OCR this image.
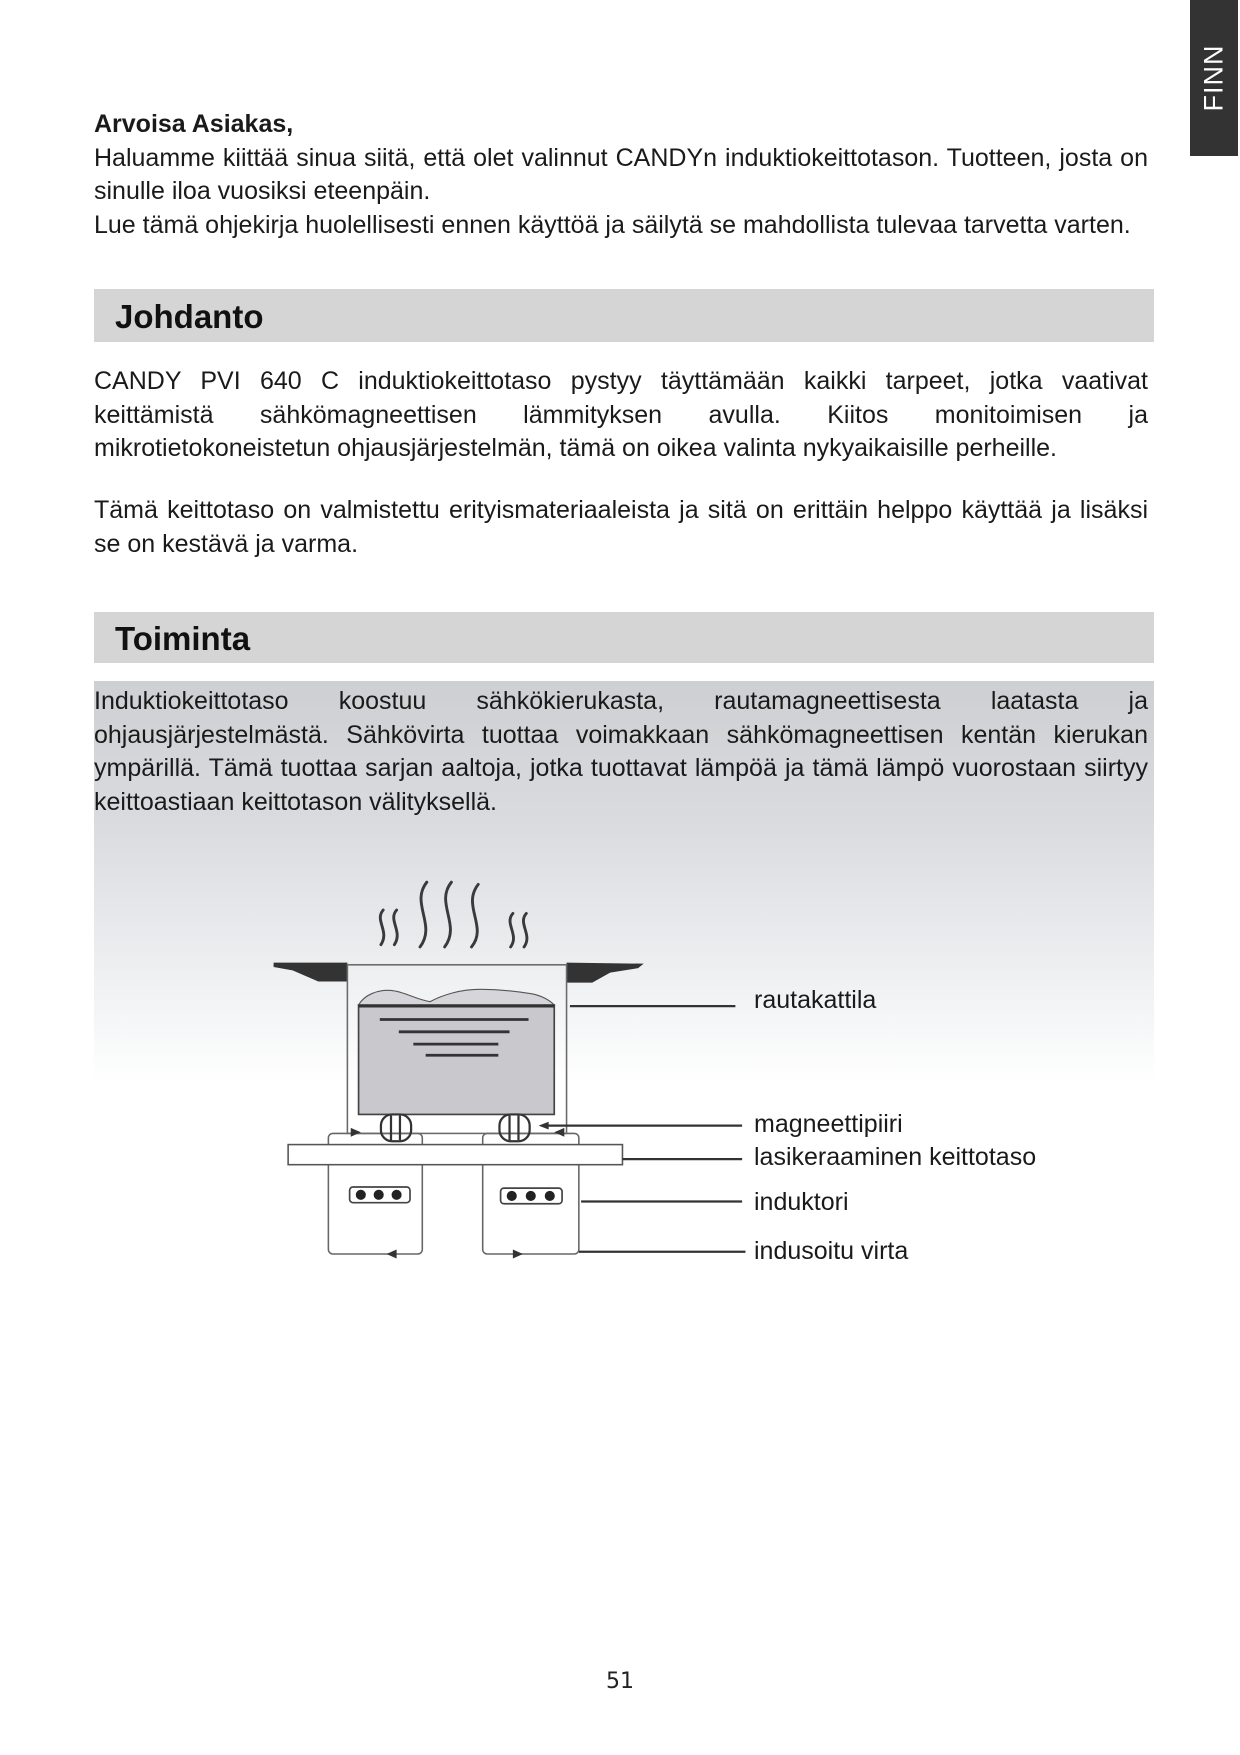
FINN
Arvoisa Asiakas,
Haluamme kiittää sinua siitä, että olet valinnut CANDYn induktiokeittotason. Tuotteen, josta on
sinulle iloa vuosiksi eteenpäin.
Lue tämä ohjekirja huolellisesti ennen käyttöä ja säilytä se mahdollista tulevaa tarvetta varten.
Johdanto
CANDY PVI 640 C induktiokeittotaso pystyy täyttämään kaikki tarpeet, jotka vaativat
keittämistä sähkömagneettisen lämmityksen avulla. Kiitos monitoimisen ja
mikrotietokoneistetun ohjausjärjestelmän, tämä on oikea valinta nykyaikaisille perheille.
Tämä keittotaso on valmistettu erityismateriaaleista ja sitä on erittäin helppo käyttää ja lisäksi
se on kestävä ja varma.
Toiminta
Induktiokeittotaso koostuu sähkökierukasta, rautamagneettisesta laatasta ja
ohjausjärjestelmästä. Sähkövirta tuottaa voimakkaan sähkömagneettisen kentän kierukan
ympärillä. Tämä tuottaa sarjan aaltoja, jotka tuottavat lämpöä ja tämä lämpö vuorostaan siirtyy
keittoastiaan keittotason välityksellä.
rautakattila
magneettipiiri
lasikeraaminen keittotaso
induktori
indusoitu virta
51
